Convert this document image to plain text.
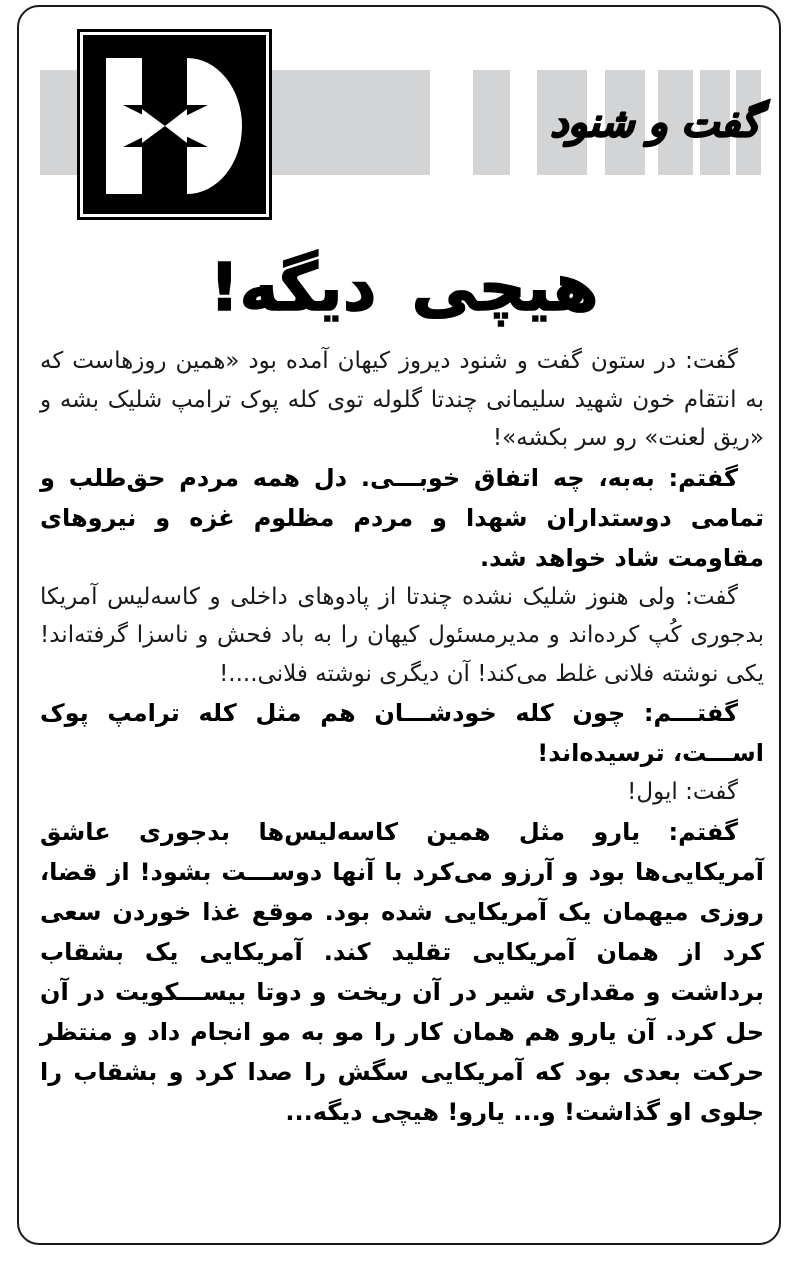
گفت و شنود
هیچی دیگه!

گفت: در ستون گفت و شنود دیروز کیهان آمده بود «همین روزهاست که به انتقام خون شهید سلیمانی چندتا گلوله توی کله پوک ترامپ شلیک بشه و «ریق لعنت» رو سر بکشه»!

گفتم: به‌به، چه اتفاق خوبـــی. دل همه مردم حق‌طلب و تمامی دوستداران شهدا و مردم مظلوم غزه و نیروهای مقاومت شاد خواهد شد.

گفت: ولی هنوز شلیک نشده چندتا از پادوهای داخلی و کاسه‌لیس آمریکا بدجوری کُپ کرده‌اند و مدیرمسئول کیهان را به باد فحش و ناسزا گرفته‌اند! یکی نوشته فلانی غلط می‌کند! آن دیگری نوشته فلانی....!

گفتـــم: چون کله خودشـــان هم مثل کله ترامپ پوک اســـت، ترسیده‌اند!

گفت: ایول!

گفتم: یارو مثل همین کاسه‌لیس‌ها بدجوری عاشق آمریکایی‌ها بود و آرزو می‌کرد با آنها دوســـت بشود! از قضا، روزی میهمان یک آمریکایی شده بود. موقع غذا خوردن سعی کرد از همان آمریکایی تقلید کند. آمریکایی یک بشقاب برداشت و مقداری شیر در آن ریخت و دوتا بیســـکویت در آن حل کرد. آن یارو هم همان کار را مو به مو انجام داد و منتظر حرکت بعدی بود که آمریکایی سگش را صدا کرد و بشقاب را جلوی او گذاشت! و... یارو! هیچی دیگه...
